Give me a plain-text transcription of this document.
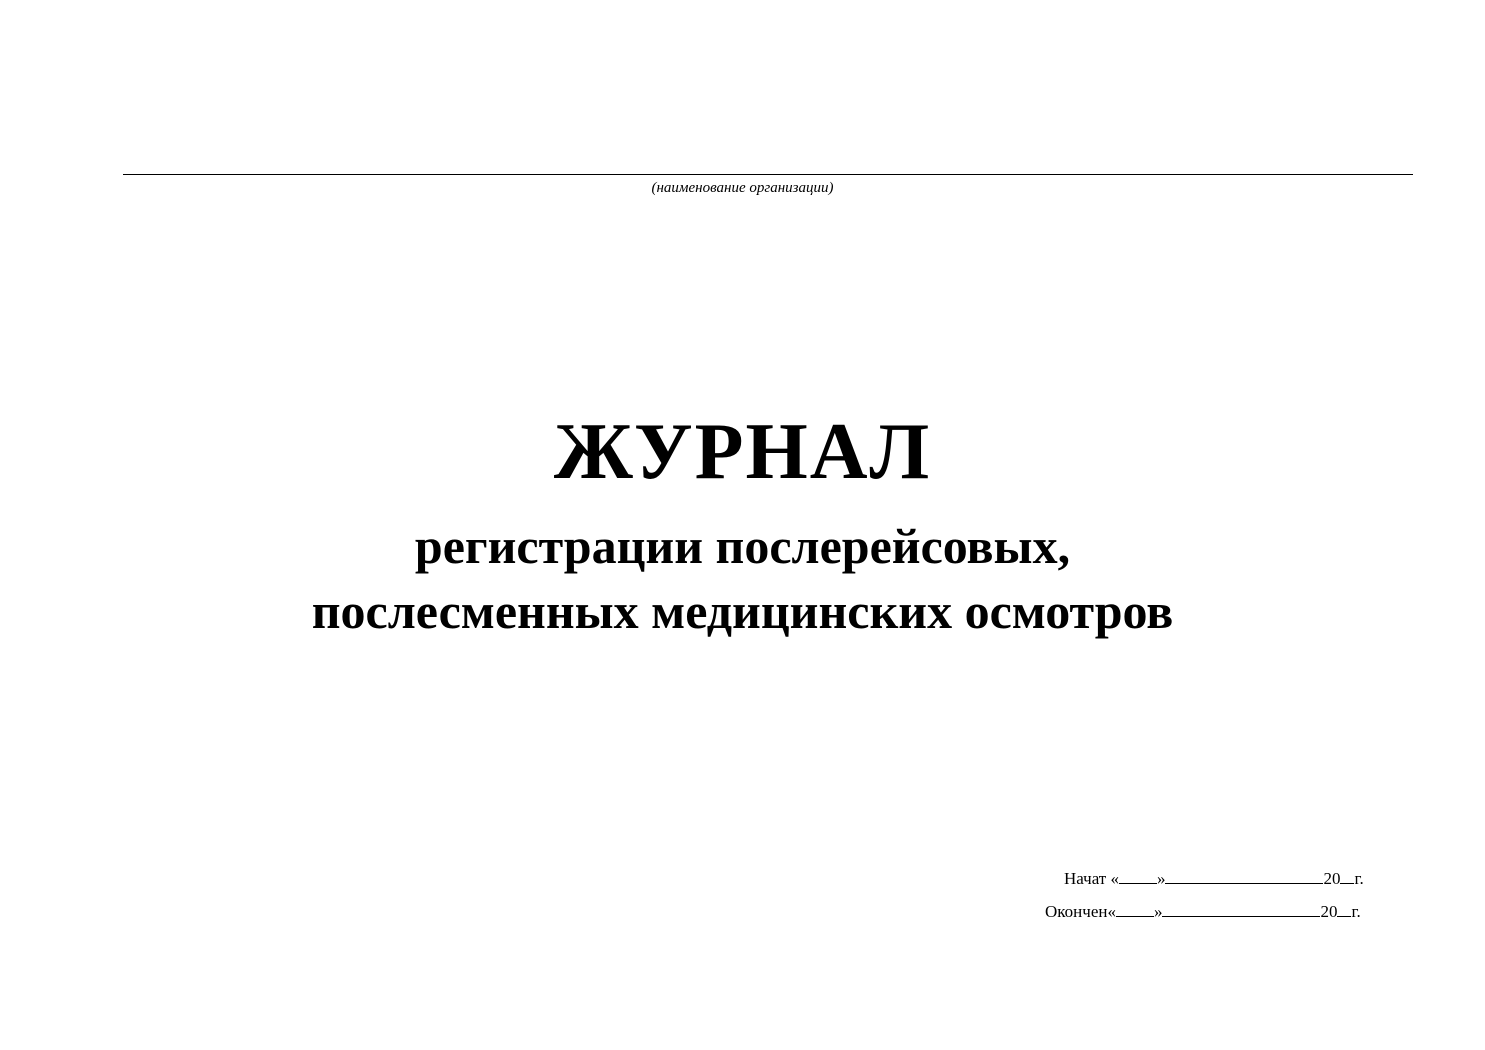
(наименование организации)
ЖУРНАЛ
регистрации послерейсовых,
послесменных медицинских осмотров
Начат « »	20 г.
Окончен« »	20 г.
